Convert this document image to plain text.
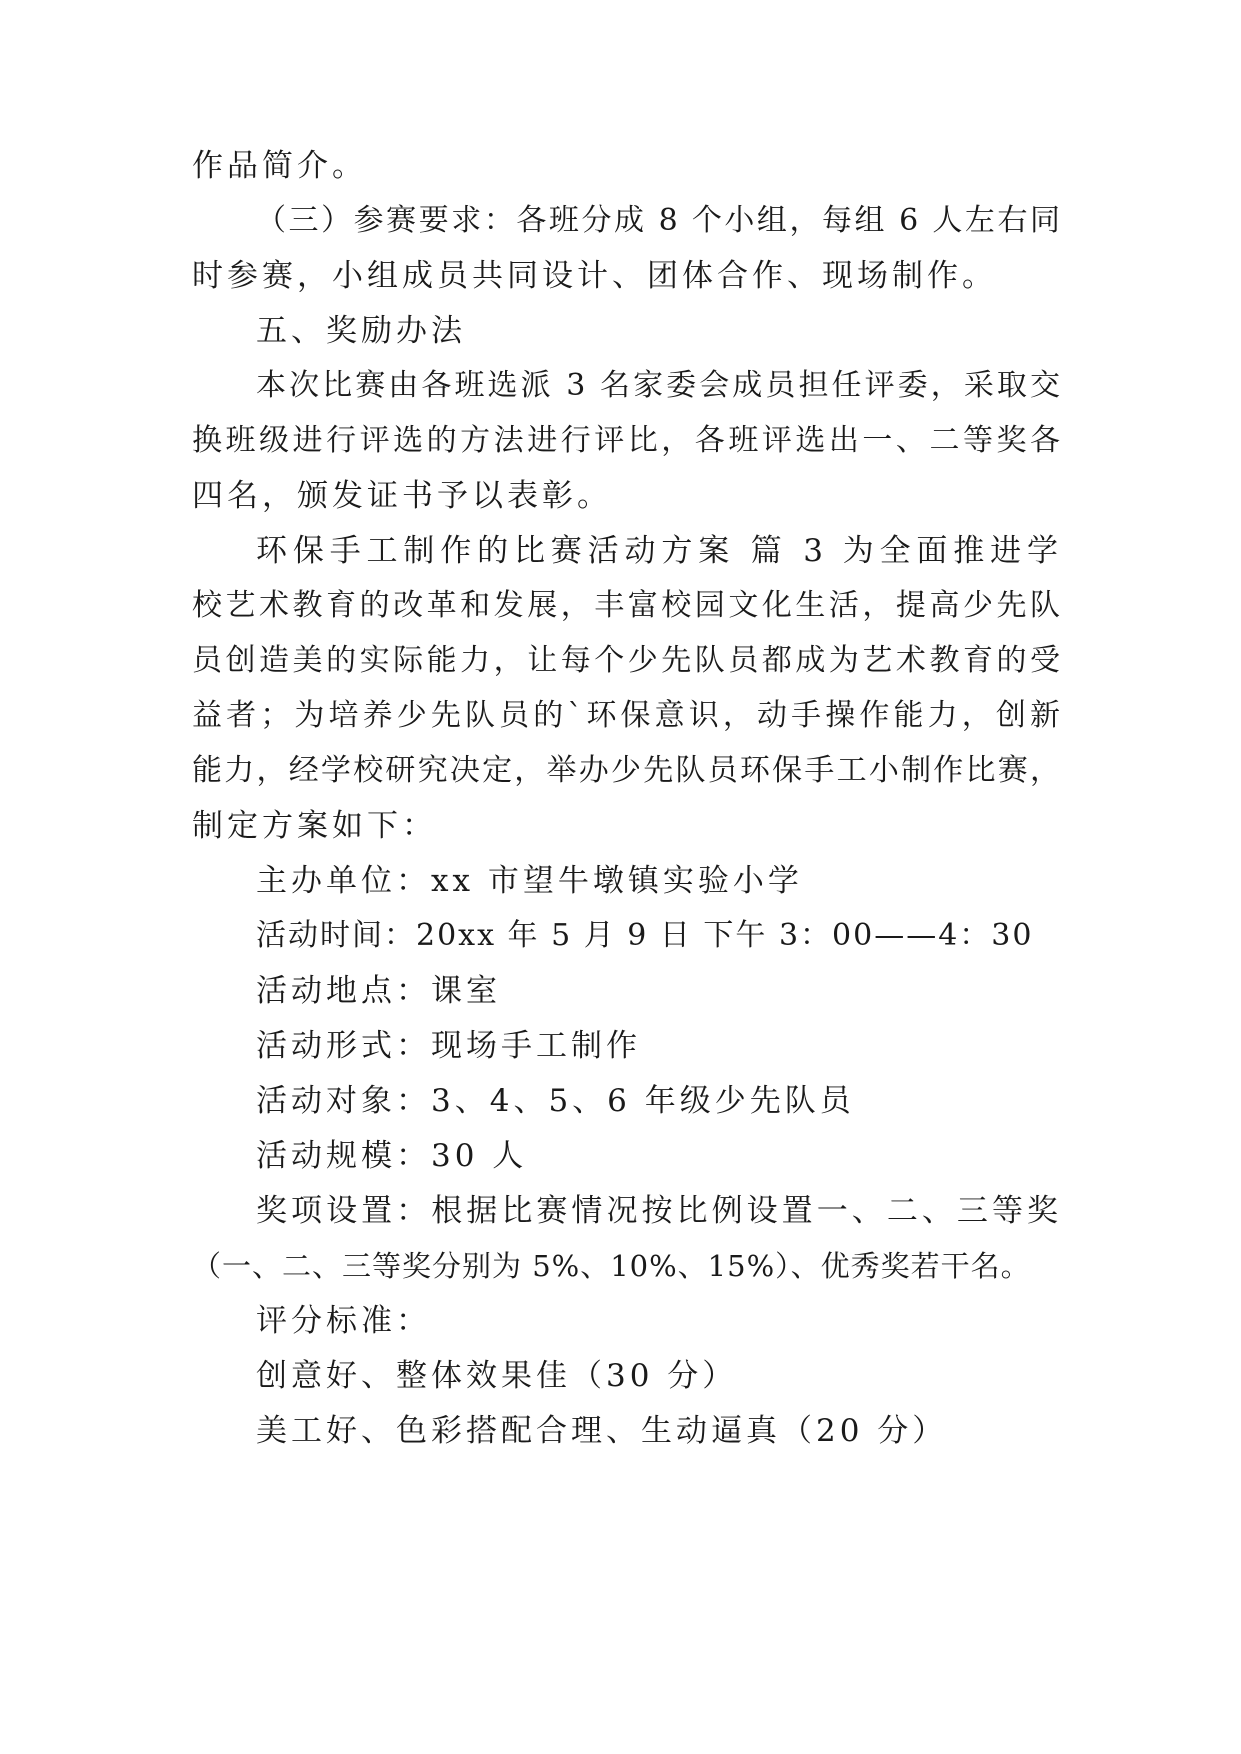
作品简介。
（三）参赛要求：各班分成 8 个小组，每组 6 人左右同
时参赛，小组成员共同设计、团体合作、现场制作。
五、奖励办法
本次比赛由各班选派 3 名家委会成员担任评委，采取交
换班级进行评选的方法进行评比，各班评选出一、二等奖各
四名，颁发证书予以表彰。
环保手工制作的比赛活动方案 篇 3 为全面推进学
校艺术教育的改革和发展，丰富校园文化生活，提高少先队
员创造美的实际能力，让每个少先队员都成为艺术教育的受
益者；为培养少先队员的`环保意识，动手操作能力，创新
能力，经学校研究决定，举办少先队员环保手工小制作比赛，
制定方案如下：
主办单位：xx 市望牛墩镇实验小学
活动时间：20xx 年 5 月 9 日 下午 3：00——4：30
活动地点：课室
活动形式：现场手工制作
活动对象：3、4、5、6 年级少先队员
活动规模：30 人
奖项设置：根据比赛情况按比例设置一、二、三等奖
（一、二、三等奖分别为 5%、10%、15%）、优秀奖若干名。
评分标准：
创意好、整体效果佳（30 分）
美工好、色彩搭配合理、生动逼真（20 分）
